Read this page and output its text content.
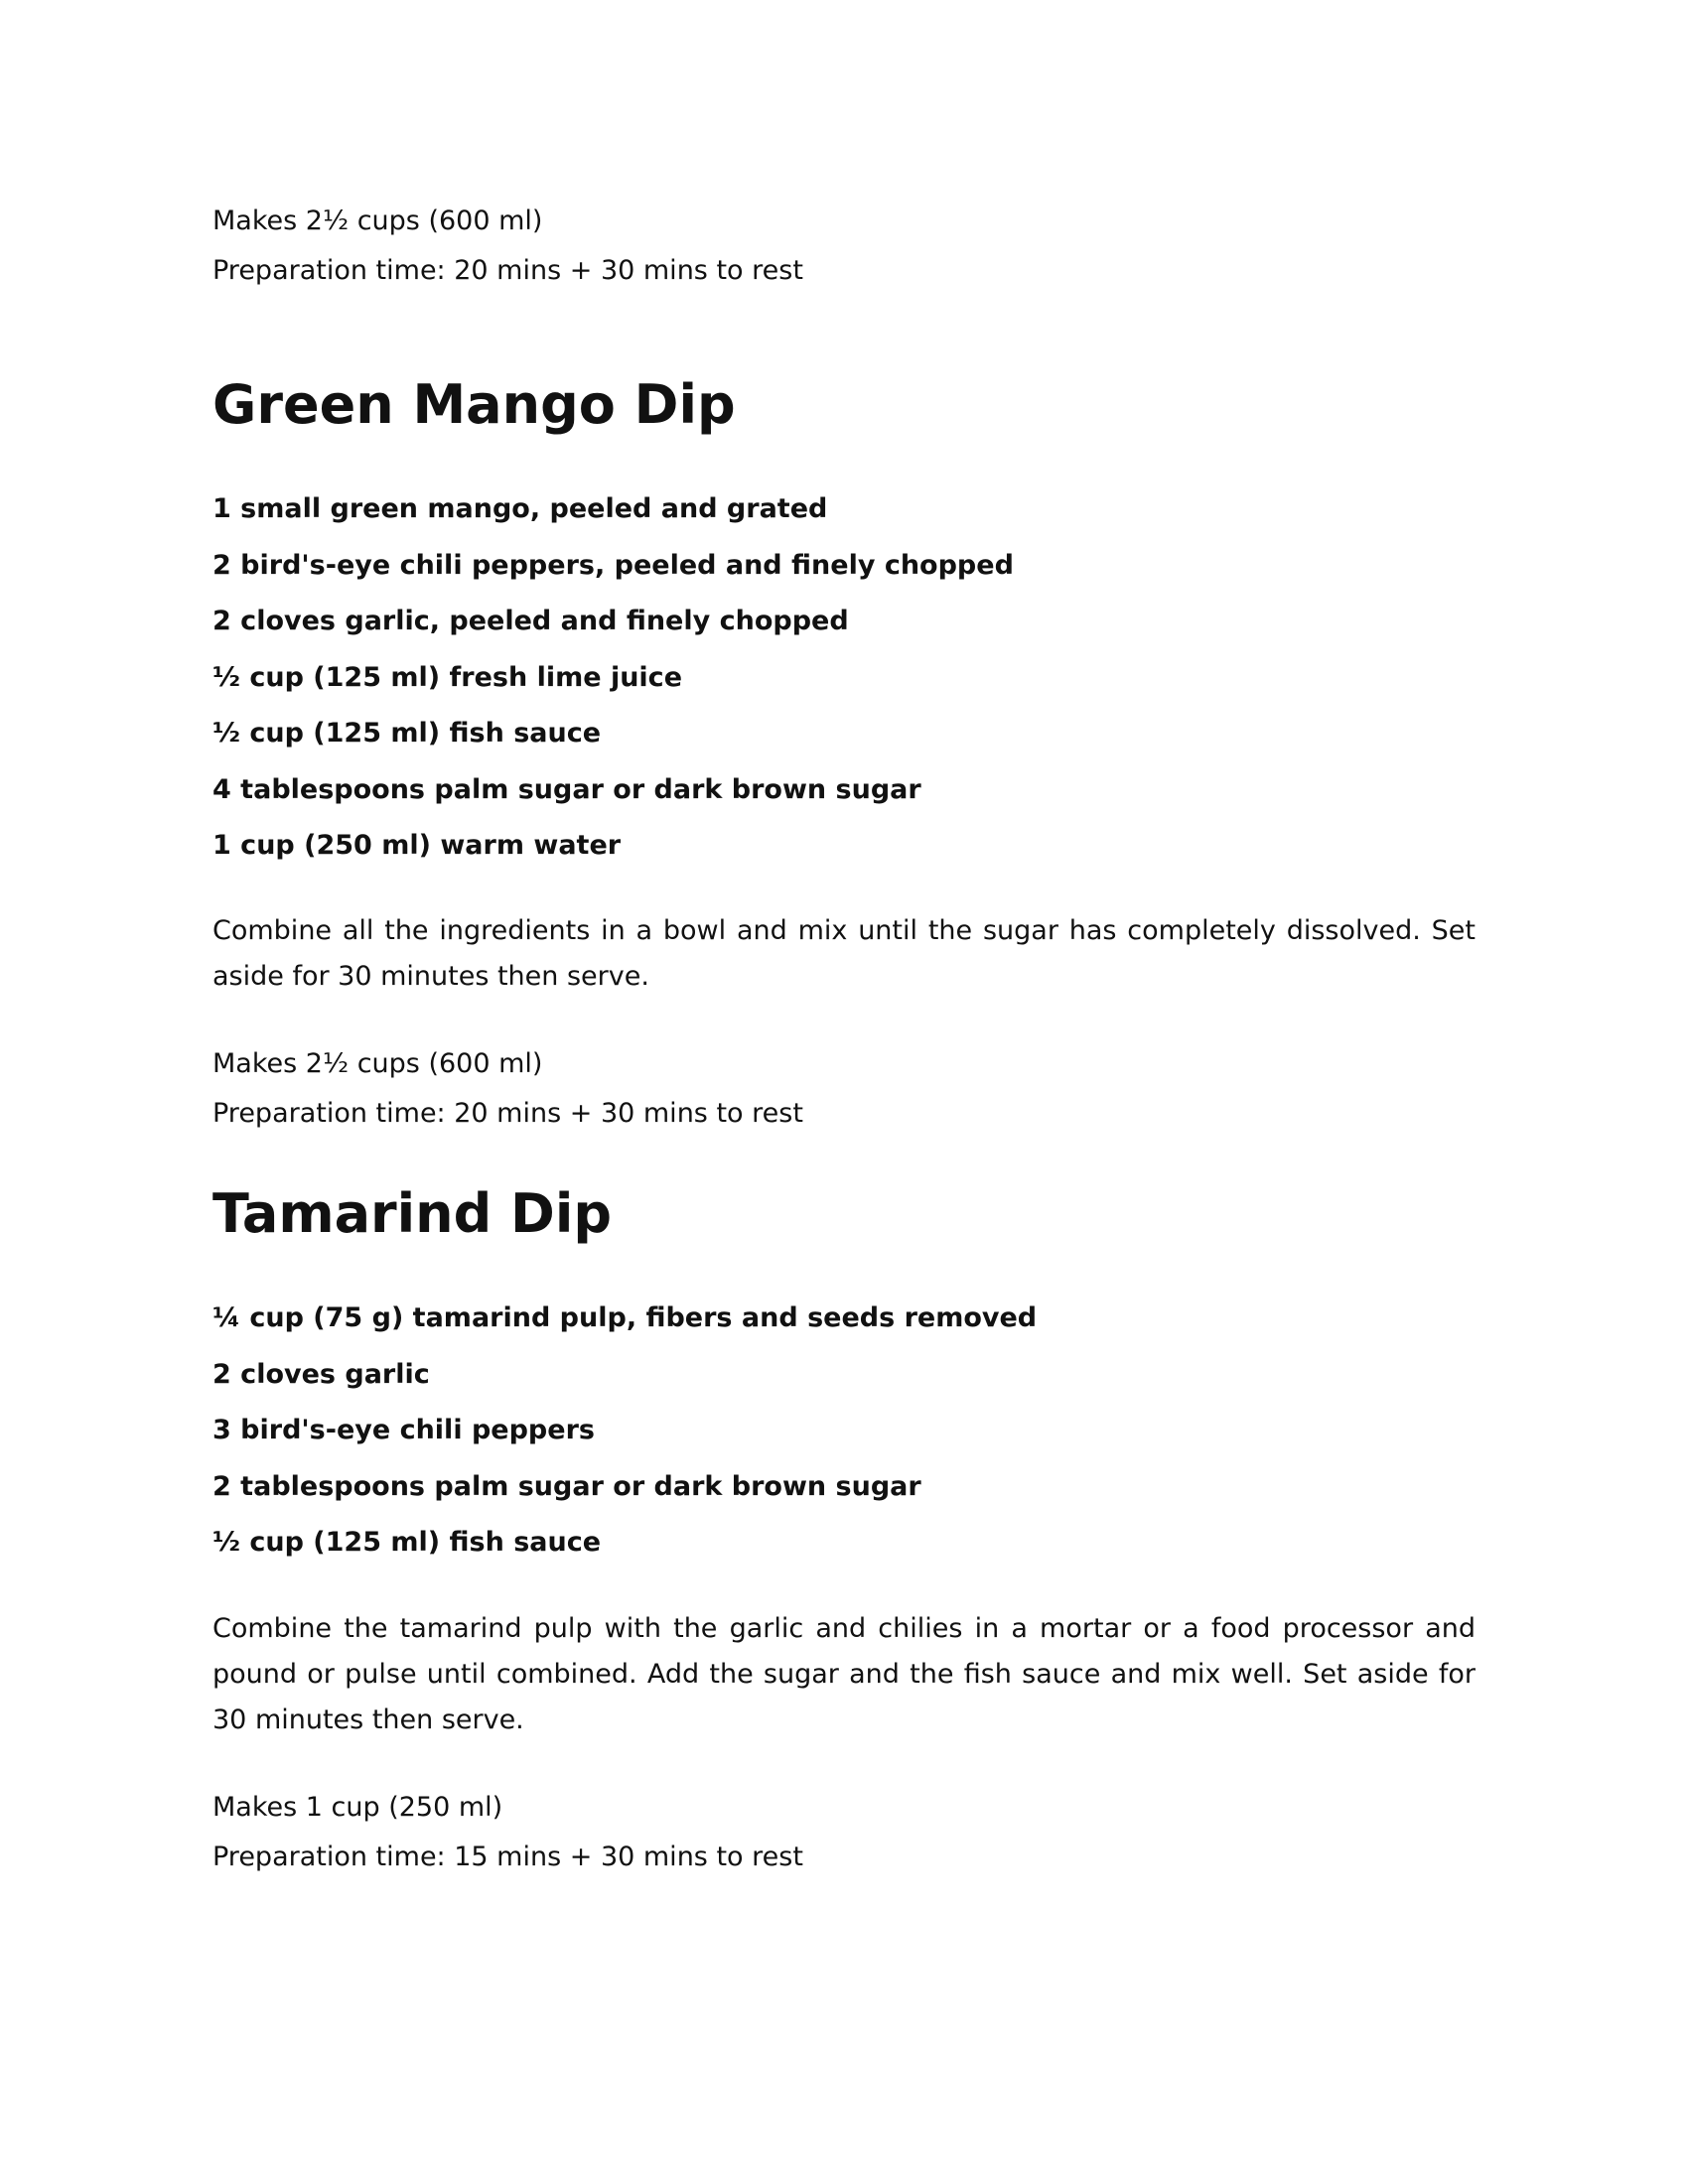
Makes 2½ cups (600 ml)

Preparation time: 20 mins + 30 mins to rest

Green Mango Dip

1 small green mango, peeled and grated

2 bird's-eye chili peppers, peeled and finely chopped

2 cloves garlic, peeled and finely chopped

½ cup (125 ml) fresh lime juice

½ cup (125 ml) fish sauce

4 tablespoons palm sugar or dark brown sugar

1 cup (250 ml) warm water

Combine all the ingredients in a bowl and mix until the sugar has completely dissolved. Set aside for 30 minutes then serve.

Makes 2½ cups (600 ml)

Preparation time: 20 mins + 30 mins to rest

Tamarind Dip

¼ cup (75 g) tamarind pulp, fibers and seeds removed

2 cloves garlic

3 bird's-eye chili peppers

2 tablespoons palm sugar or dark brown sugar

½ cup (125 ml) fish sauce

Combine the tamarind pulp with the garlic and chilies in a mortar or a food processor and pound or pulse until combined. Add the sugar and the fish sauce and mix well. Set aside for 30 minutes then serve.

Makes 1 cup (250 ml)

Preparation time: 15 mins + 30 mins to rest
